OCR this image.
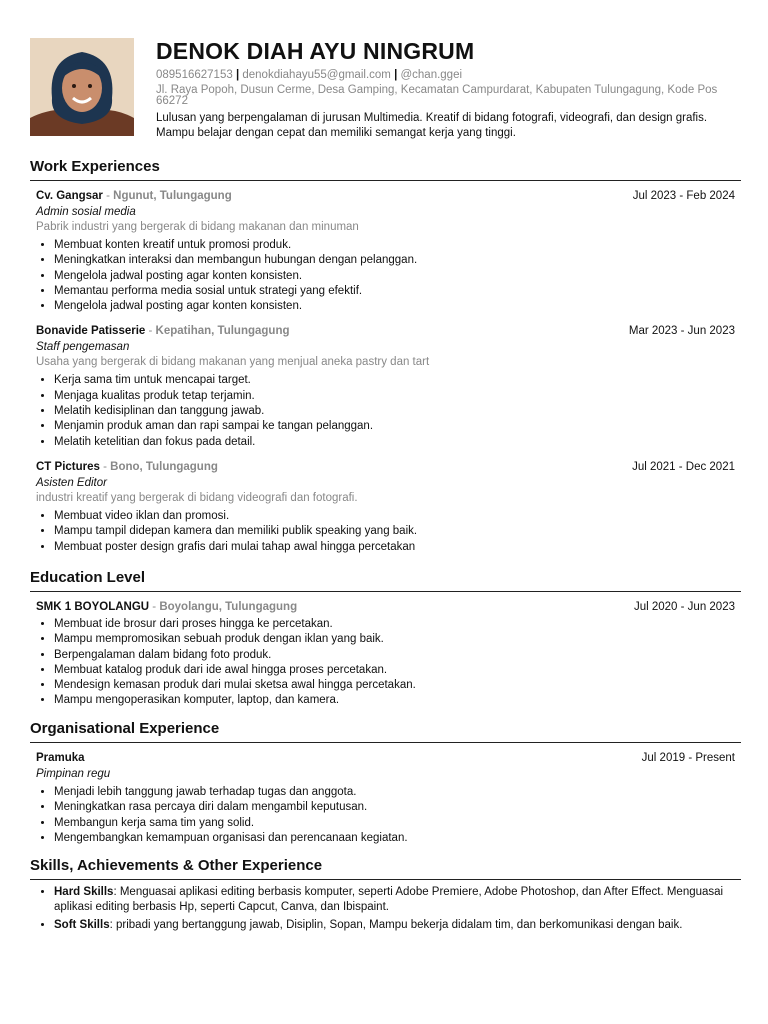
DENOK DIAH AYU NINGRUM
089516627153 | denokdiahayu55@gmail.com | @chan.ggei
Jl. Raya Popoh, Dusun Cerme, Desa Gamping, Kecamatan Campurdarat, Kabupaten Tulungagung, Kode Pos 66272
Lulusan yang berpengalaman di jurusan Multimedia. Kreatif di bidang fotografi, videografi, dan design grafis. Mampu belajar dengan cepat dan memiliki semangat kerja yang tinggi.
Work Experiences
Cv. Gangsar - Ngunut, Tulungagung	Jul 2023 - Feb 2024
Admin sosial media
Pabrik industri yang bergerak di bidang makanan dan minuman
• Membuat konten kreatif untuk promosi produk.
• Meningkatkan interaksi dan membangun hubungan dengan pelanggan.
• Mengelola jadwal posting agar konten konsisten.
• Memantau performa media sosial untuk strategi yang efektif.
• Mengelola jadwal posting agar konten konsisten.
Bonavide Patisserie - Kepatihan, Tulungagung	Mar 2023 - Jun 2023
Staff pengemasan
Usaha yang bergerak di bidang makanan yang menjual aneka pastry dan tart
• Kerja sama tim untuk mencapai target.
• Menjaga kualitas produk tetap terjamin.
• Melatih kedisiplinan dan tanggung jawab.
• Menjamin produk aman dan rapi sampai ke tangan pelanggan.
• Melatih ketelitian dan fokus pada detail.
CT Pictures - Bono, Tulungagung	Jul 2021 - Dec 2021
Asisten Editor
industri kreatif yang bergerak di bidang videografi dan fotografi.
• Membuat video iklan dan promosi.
• Mampu tampil didepan kamera dan memiliki publik speaking yang baik.
• Membuat poster design grafis dari mulai tahap awal hingga percetakan
Education Level
SMK 1 BOYOLANGU - Boyolangu, Tulungagung	Jul 2020 - Jun 2023
• Membuat ide brosur dari proses hingga ke percetakan.
• Mampu mempromosikan sebuah produk dengan iklan yang baik.
• Berpengalaman dalam bidang foto produk.
• Membuat katalog produk dari ide awal hingga proses percetakan.
• Mendesign kemasan produk dari mulai sketsa awal hingga percetakan.
• Mampu mengoperasikan komputer, laptop, dan kamera.
Organisational Experience
Pramuka	Jul 2019 - Present
Pimpinan regu
• Menjadi lebih tanggung jawab terhadap tugas dan anggota.
• Meningkatkan rasa percaya diri dalam mengambil keputusan.
• Membangun kerja sama tim yang solid.
• Mengembangkan kemampuan organisasi dan perencanaan kegiatan.
Skills, Achievements & Other Experience
• Hard Skills: Menguasai aplikasi editing berbasis komputer, seperti Adobe Premiere, Adobe Photoshop, dan After Effect. Menguasai aplikasi editing berbasis Hp, seperti Capcut, Canva, dan Ibispaint.
• Soft Skills: pribadi yang bertanggung jawab, Disiplin, Sopan, Mampu bekerja didalam tim, dan berkomunikasi dengan baik.
